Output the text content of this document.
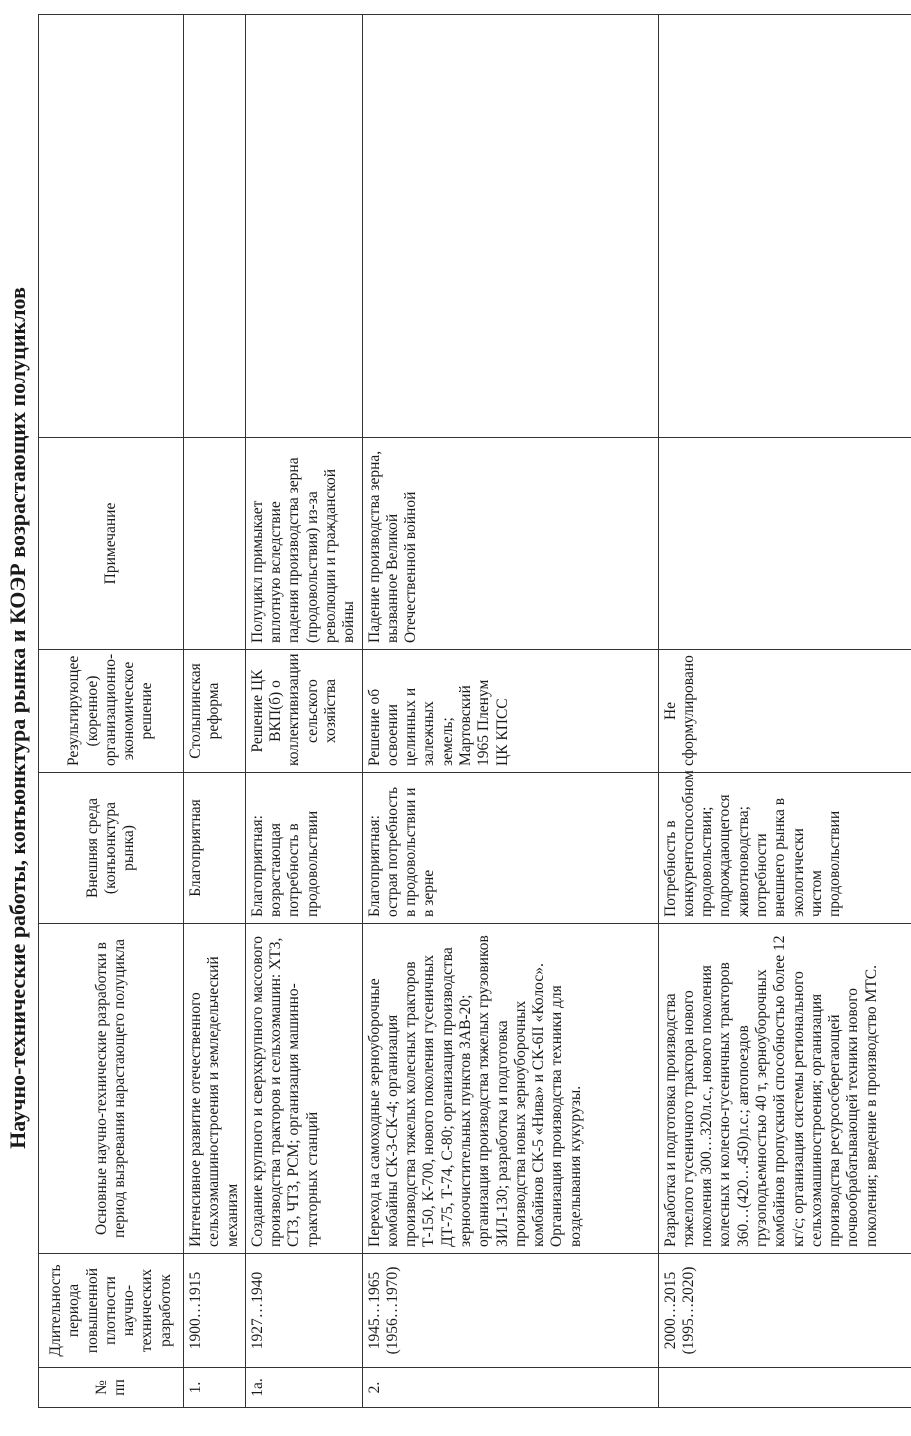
Научно-технические работы, конъюнктура рынка и КОЭР возрастающих полуциклов
№ пп	Длительность периода повышенной плотности научно-технических разработок	Основные научно-технические разработки в период вызревания нарастающего полуцикла	Внешняя среда (конъюнктура рынка)	Результирующее (коренное) организационно-экономическое решение	Примечание	
1.	1900…1915	Интенсивное развитие отечественного сельхозмашиностроения и земледельческий механизм	Благоприятная	Столыпинская реформа		
1а.	1927…1940	Создание крупного и сверхкрупного массового производства тракторов и сельхозмашин: ХТЗ, СТЗ, ЧТЗ, РСМ; организация машинно-тракторных станций	Благоприятная: возрастающая потребность в продовольствии	Решение ЦК ВКП(б) о коллективизации сельского хозяйства	Полуцикл примыкает вплотную вследствие падения производства зерна (продовольствия) из-за революции и гражданской войны	
2.	1945…1965 (1956…1970)	Переход на самоходные зерноуборочные комбайны СК-3-СК-4; организация производства тяжелых колесных тракторов Т-150, К-700, нового поколения гусеничных ДТ-75, Т-74, С-80; организация производства зерноочистительных пунктов ЗАВ-20; организация производства тяжелых грузовиков ЗИЛ-130; разработка и подготовка производства новых зерноуборочных комбайнов СК-5 «Нива» и СК-6II «Колос». Организация производства техники для возделывания кукурузы.	Благоприятная: острая потребность в продовольствии и в зерне	Решение об освоении целинных и залежных земель; Мартовский 1965 Пленум ЦК КПСС	Падение производства зерна, вызванное Великой Отечественной войной	

	2000…2015 (1995…2020)	Разработка и подготовка производства тяжелого гусеничного трактора нового поколения 300…320л.с., нового поколения колесных и колесно-гусеничных тракторов 360…(420…450)л.с.; автопоездов грузоподъемностью 40 т, зерноуборочных комбайнов пропускной способностью более 12 кг/с; организация системы регионального сельхозмашиностроения; организация производства ресурсосберегающей почвообрабатывающей техники нового поколения; введение в производство МТС.	Потребность в конкурентоспособном продовольствии; подрождающегося животноводства; потребности внешнего рынка в экологически чистом продовольствии	Не сформулировано		
